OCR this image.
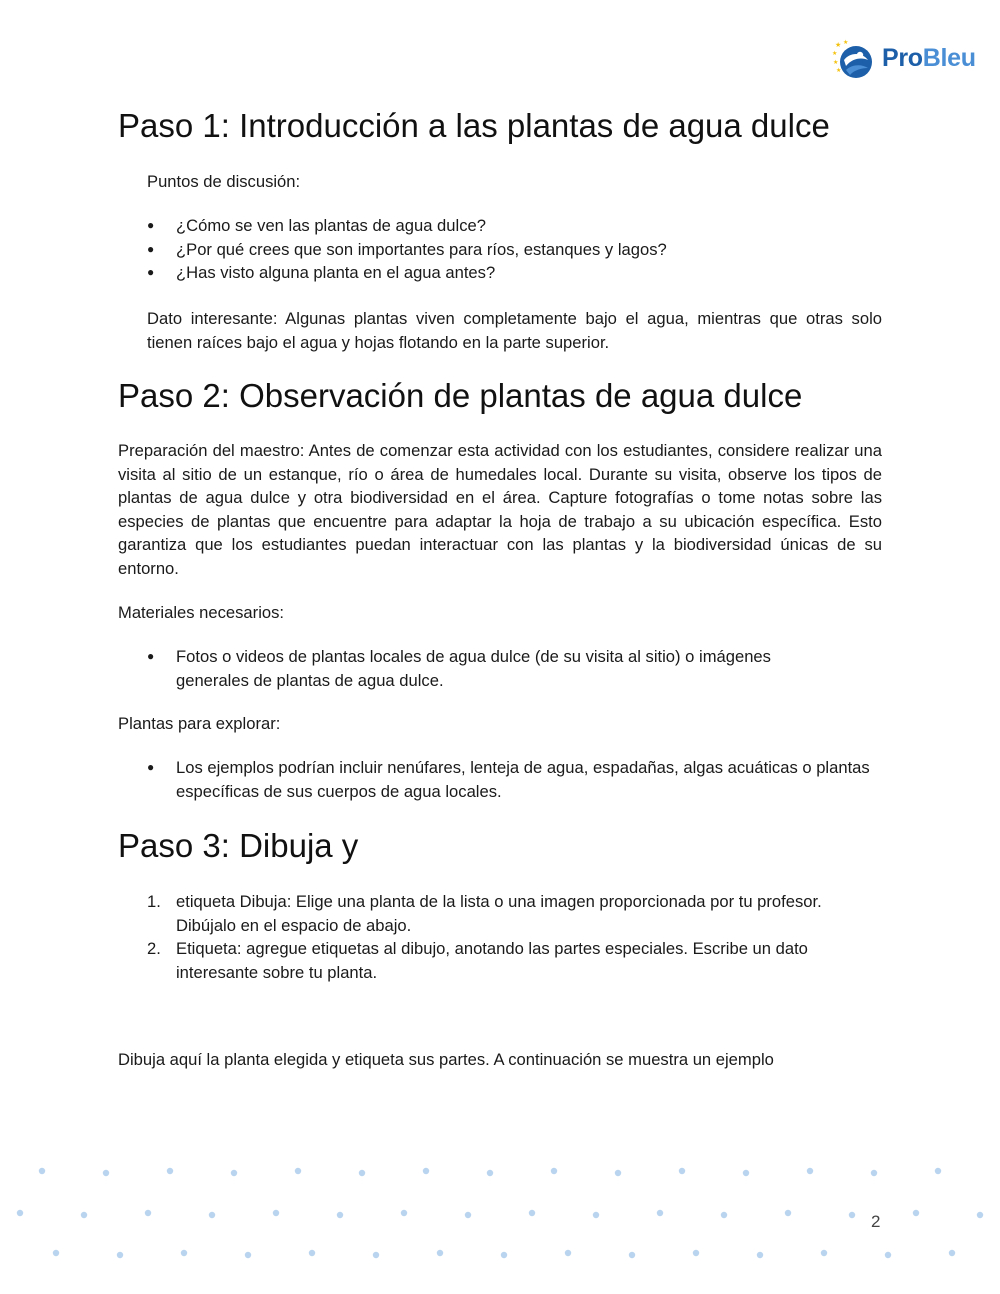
★
★
★
★
★
ProBleu
Paso 1: Introducción a las plantas de agua dulce

Puntos de discusión:

● ¿Cómo se ven las plantas de agua dulce?
● ¿Por qué crees que son importantes para ríos, estanques y lagos?
● ¿Has visto alguna planta en el agua antes?

Dato interesante: Algunas plantas viven completamente bajo el agua, mientras que otras solo tienen raíces bajo el agua y hojas flotando en la parte superior.

Paso 2: Observación de plantas de agua dulce

Preparación del maestro: Antes de comenzar esta actividad con los estudiantes, considere realizar una visita al sitio de un estanque, río o área de humedales local. Durante su visita, observe los tipos de plantas de agua dulce y otra biodiversidad en el área. Capture fotografías o tome notas sobre las especies de plantas que encuentre para adaptar la hoja de trabajo a su ubicación específica. Esto garantiza que los estudiantes puedan interactuar con las plantas y la biodiversidad únicas de su entorno.

Materiales necesarios:

● Fotos o videos de plantas locales de agua dulce (de su visita al sitio) o imágenes generales de plantas de agua dulce.

Plantas para explorar:

● Los ejemplos podrían incluir nenúfares, lenteja de agua, espadañas, algas acuáticas o plantas específicas de sus cuerpos de agua locales.
Paso 3: Dibuja y
1. etiqueta Dibuja: Elige una planta de la lista o una imagen proporcionada por tu profesor. Dibújalo en el espacio de abajo.
2. Etiqueta: agregue etiquetas al dibujo, anotando las partes especiales. Escribe un dato interesante sobre tu planta.

Dibuja aquí la planta elegida y etiqueta sus partes. A continuación se muestra un ejemplo

2
